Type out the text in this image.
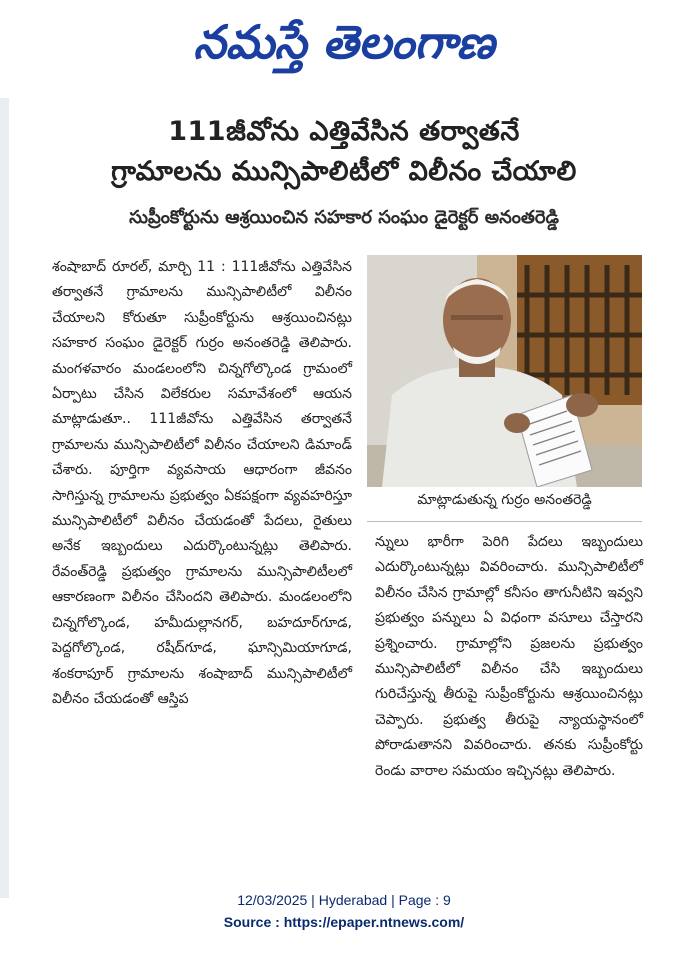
నమస్తే తెలంగాణ
111జీవోను ఎత్తివేసిన తర్వాతనే
గ్రామాలను మున్సిపాలిటీలో విలీనం చేయాలి
సుప్రీంకోర్టును ఆశ్రయించిన సహకార సంఘం డైరెక్టర్ అనంతరెడ్డి
శంషాబాద్ రూరల్, మార్చి 11 : 111జీవోను ఎత్తివేసిన తర్వాతనే గ్రామాలను మున్సిపాలిటీలో విలీనం చేయాలని కోరుతూ సుప్రీంకోర్టును ఆశ్రయించినట్లు సహకార సంఘం డైరెక్టర్ గుర్రం అనంతరెడ్డి తెలిపారు. మంగళవారం మండలంలోని చిన్నగోల్కొండ గ్రామంలో ఏర్పాటు చేసిన విలేకరుల సమావేశంలో ఆయన మాట్లాడుతూ.. 111జీవోను ఎత్తివేసిన తర్వాతనే గ్రామాలను మున్సిపాలిటీలో విలీనం చేయాలని డిమాండ్ చేశారు. పూర్తిగా వ్యవసాయ ఆధారంగా జీవనం సాగిస్తున్న గ్రామాలను ప్రభుత్వం ఏకపక్షంగా వ్యవహరిస్తూ మున్సిపాలిటీలో విలీనం చేయడంతో పేదలు, రైతులు అనేక ఇబ్బందులు ఎదుర్కొంటున్నట్లు తెలిపారు. రేవంత్‌రెడ్డి ప్రభుత్వం గ్రామాలను మున్సిపాలిటీలలో ఆకారణంగా విలీనం చేసిందని తెలిపారు. మండలంలోని చిన్నగోల్కొండ, హమీదుల్లానగర్, బహదూర్‌గూడ, పెద్దగోల్కొండ, రషీద్‌గూడ, ఘాన్సిమియాగూడ, శంకరాపూర్ గ్రామాలను శంషాబాద్ మున్సిపాలిటీలో విలీనం చేయడంతో ఆస్తిప
మాట్లాడుతున్న గుర్రం అనంతరెడ్డి
న్నులు భారీగా పెరిగి పేదలు ఇబ్బందులు ఎదుర్కొంటున్నట్లు వివరించారు. మున్సిపాలిటీలో విలీనం చేసిన గ్రామాల్లో కనీసం తాగునీటిని ఇవ్వని ప్రభుత్వం పన్నులు ఏ విధంగా వసూలు చేస్తారని ప్రశ్నించారు. గ్రామాల్లోని ప్రజలను ప్రభుత్వం మున్సిపాలిటీలో విలీనం చేసి ఇబ్బందులు గురిచేస్తున్న తీరుపై సుప్రీంకోర్టును ఆశ్రయించినట్లు చెప్పారు. ప్రభుత్వ తీరుపై న్యాయస్థానంలో పోరాడుతానని వివరించారు. తనకు సుప్రీంకోర్టు రెండు వారాల సమయం ఇచ్చినట్లు తెలిపారు.
12/03/2025 | Hyderabad | Page : 9
Source : https://epaper.ntnews.com/
